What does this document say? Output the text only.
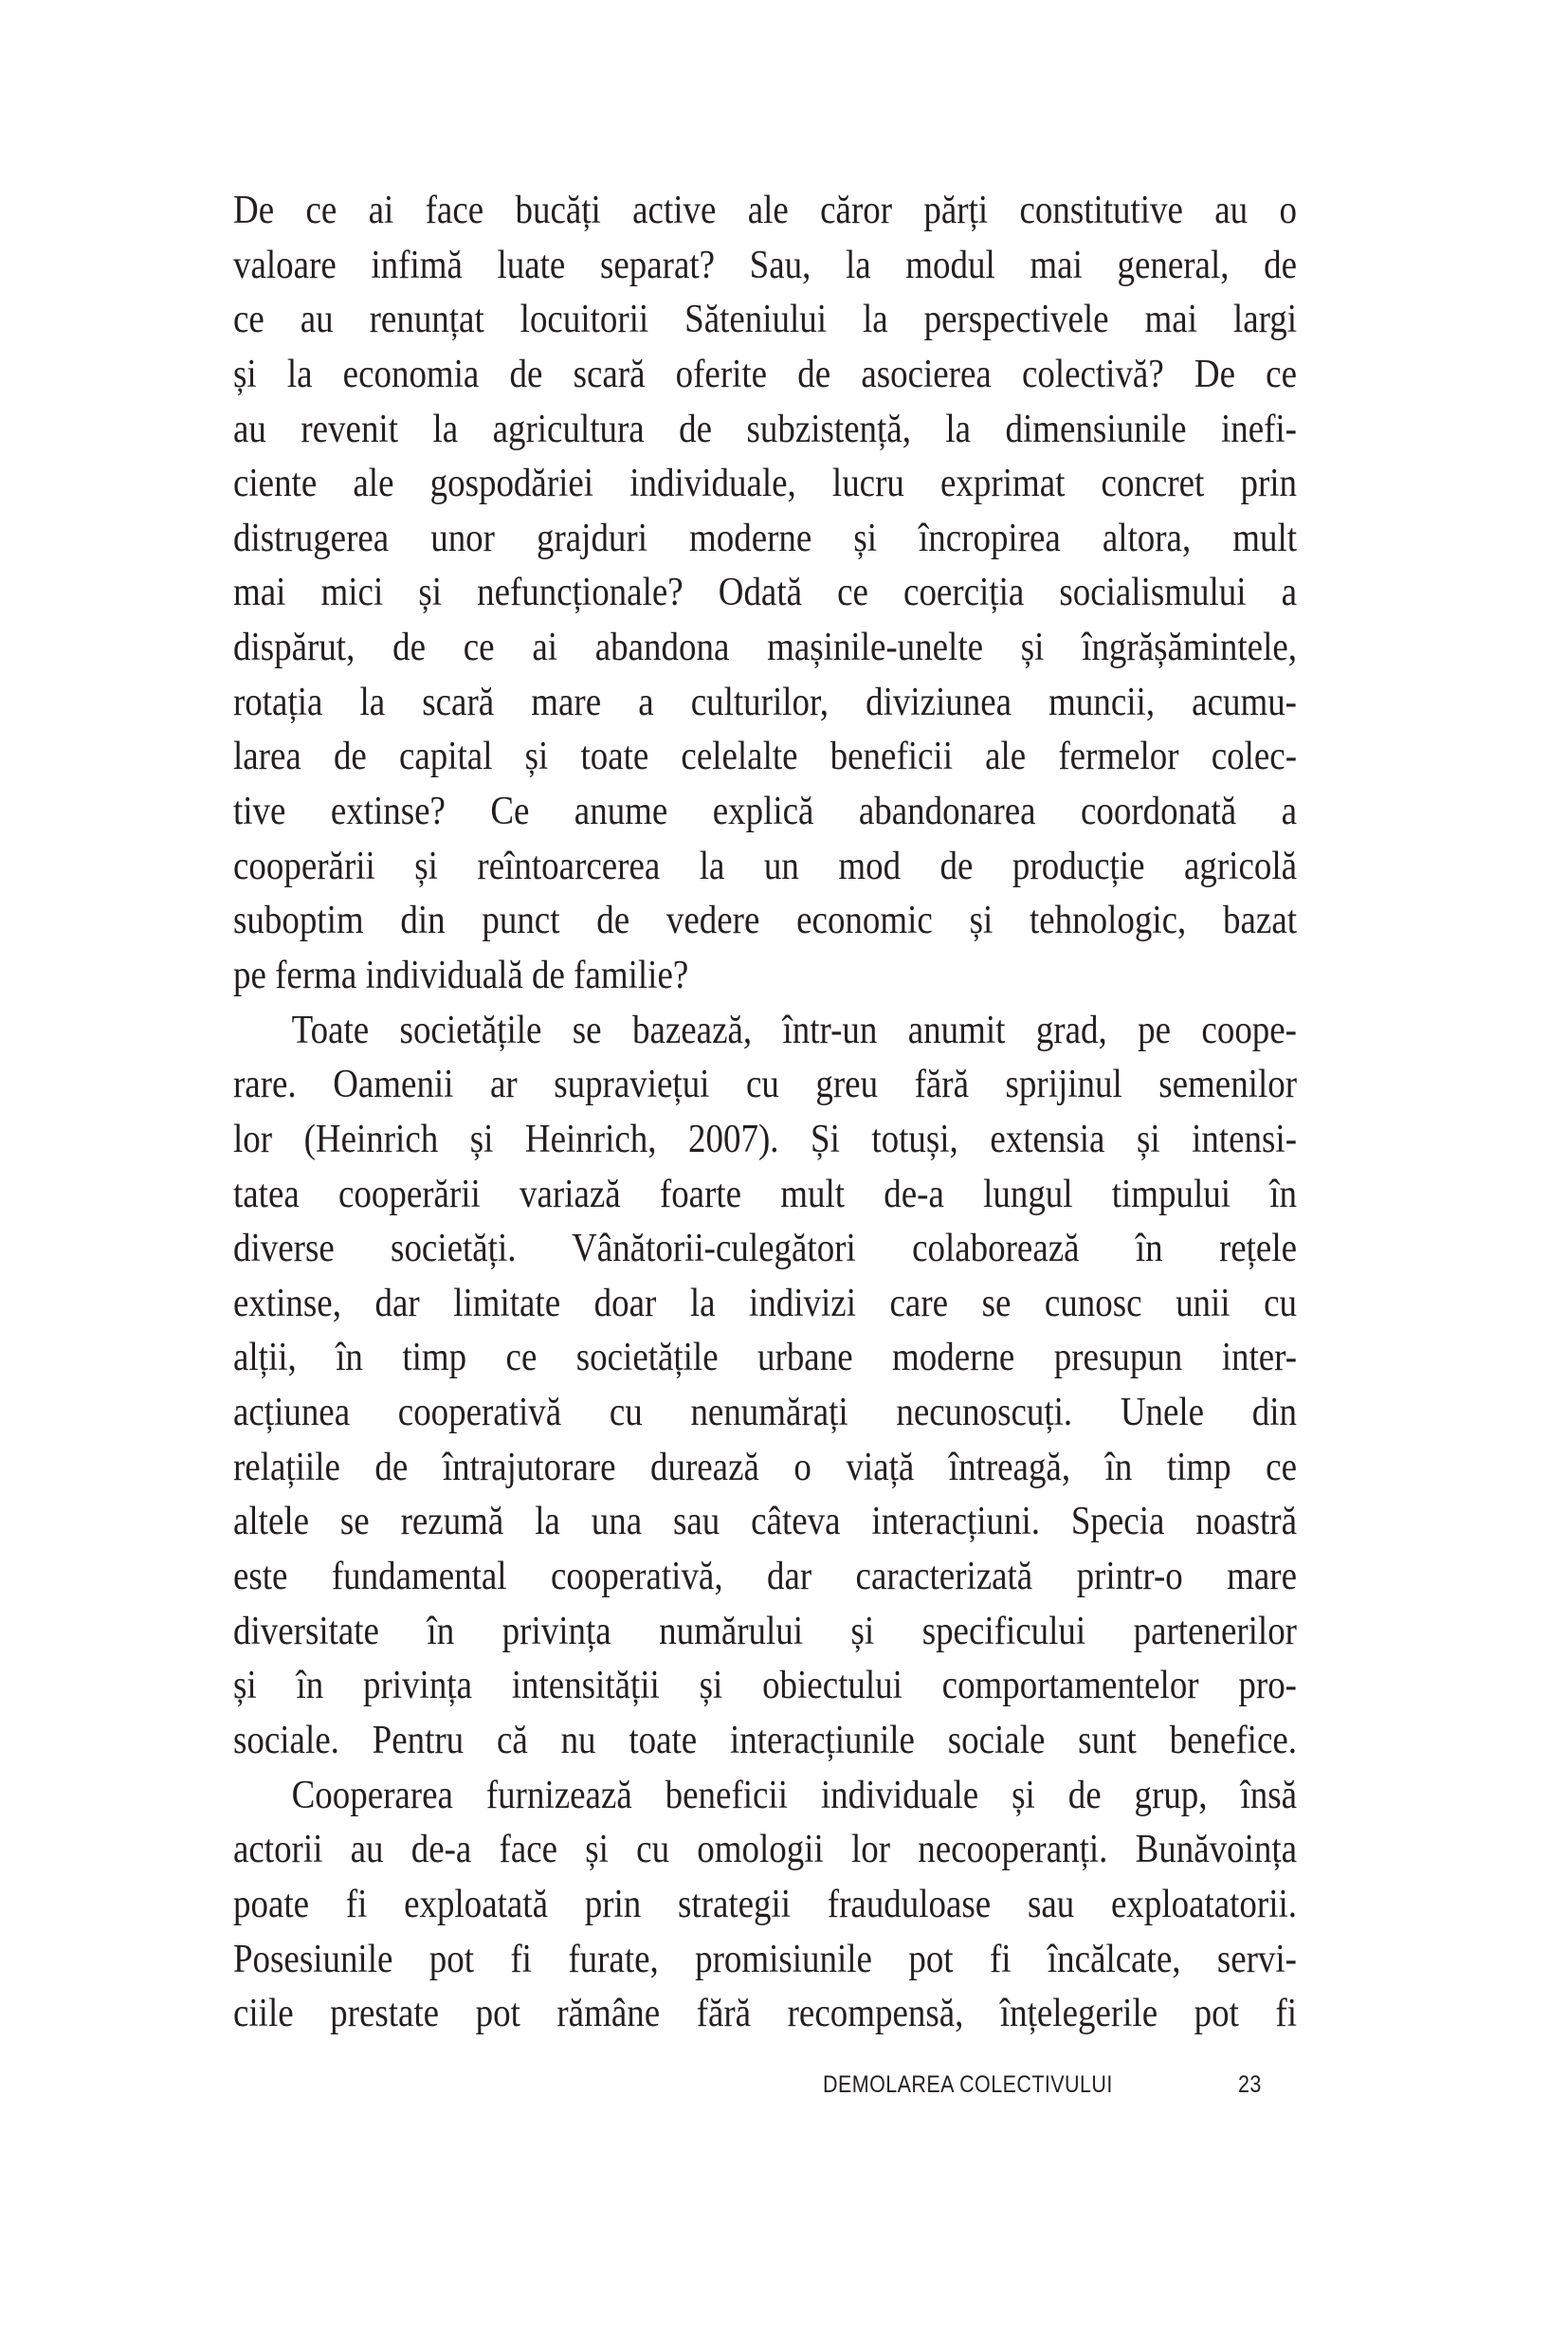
De ce ai face bucăți active ale căror părți constitutive au o
valoare infimă luate separat? Sau, la modul mai general, de
ce au renunțat locuitorii Săteniului la perspectivele mai largi
și la economia de scară oferite de asocierea colectivă? De ce
au revenit la agricultura de subzistență, la dimensiunile inefi-
ciente ale gospodăriei individuale, lucru exprimat concret prin
distrugerea unor grajduri moderne și încropirea altora, mult
mai mici și nefuncționale? Odată ce coerciția socialismului a
dispărut, de ce ai abandona mașinile-unelte și îngrășămintele,
rotația la scară mare a culturilor, diviziunea muncii, acumu-
larea de capital și toate celelalte beneficii ale fermelor colec-
tive extinse? Ce anume explică abandonarea coordonată a
cooperării și reîntoarcerea la un mod de producție agricolă
suboptim din punct de vedere economic și tehnologic, bazat
pe ferma individuală de familie?
Toate societățile se bazează, într-un anumit grad, pe coope-
rare. Oamenii ar supraviețui cu greu fără sprijinul semenilor
lor (Heinrich și Heinrich, 2007). Și totuși, extensia și intensi-
tatea cooperării variază foarte mult de-a lungul timpului în
diverse societăți. Vânătorii-culegători colaborează în rețele
extinse, dar limitate doar la indivizi care se cunosc unii cu
alții, în timp ce societățile urbane moderne presupun inter-
acțiunea cooperativă cu nenumărați necunoscuți. Unele din
relațiile de întrajutorare durează o viață întreagă, în timp ce
altele se rezumă la una sau câteva interacțiuni. Specia noastră
este fundamental cooperativă, dar caracterizată printr-o mare
diversitate în privința numărului și specificului partenerilor
și în privința intensității și obiectului comportamentelor pro-
sociale. Pentru că nu toate interacțiunile sociale sunt benefice.
Cooperarea furnizează beneficii individuale și de grup, însă
actorii au de-a face și cu omologii lor necooperanți. Bunăvoința
poate fi exploatată prin strategii frauduloase sau exploatatorii.
Posesiunile pot fi furate, promisiunile pot fi încălcate, servi-
ciile prestate pot rămâne fără recompensă, înțelegerile pot fi
DEMOLAREA COLECTIVULUI	23
